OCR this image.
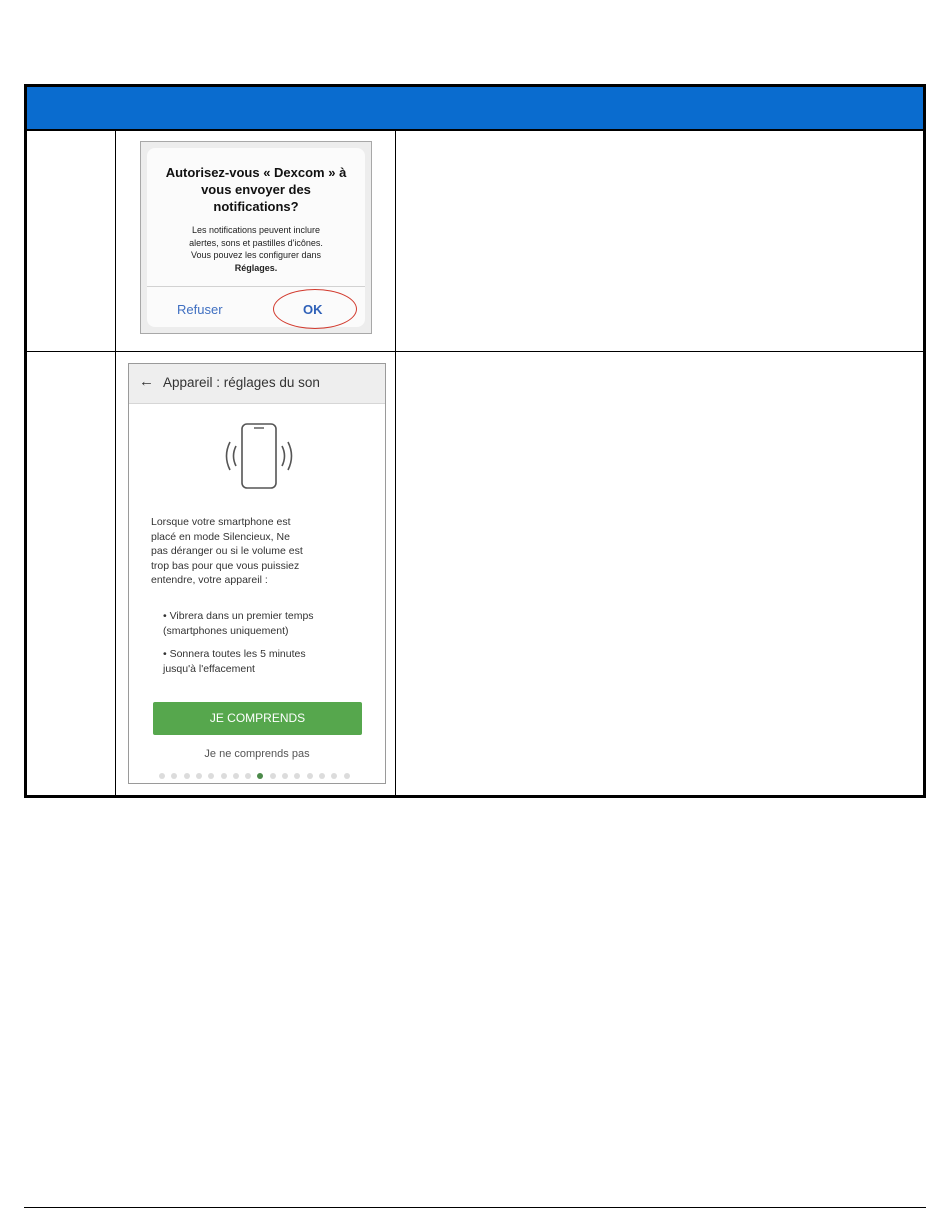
Autorisez-vous « Dexcom » à
vous envoyer des
notifications?
Les notifications peuvent inclure
alertes, sons et pastilles d'icônes.
Vous pouvez les configurer dans
Réglages.
Refuser	OK
← Appareil : réglages du son
Lorsque votre smartphone est
placé en mode Silencieux, Ne
pas déranger ou si le volume est
trop bas pour que vous puissiez
entendre, votre appareil :
• Vibrera dans un premier temps
(smartphones uniquement)
• Sonnera toutes les 5 minutes
jusqu'à l'effacement
JE COMPRENDS
Je ne comprends pas
